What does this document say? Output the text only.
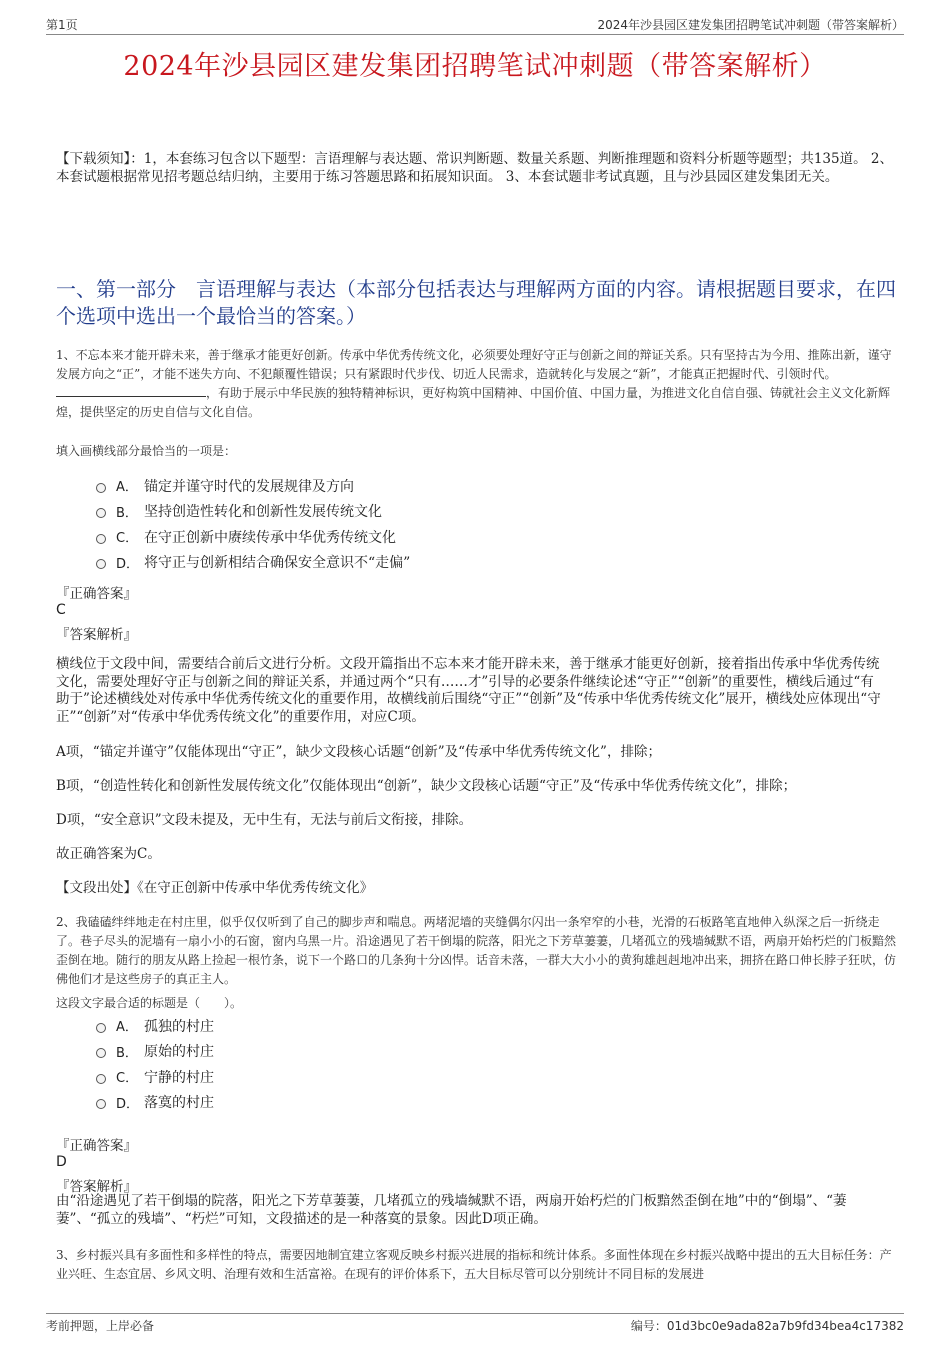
第1页	2024年沙县园区建发集团招聘笔试冲刺题（带答案解析）
2024年沙县园区建发集团招聘笔试冲刺题（带答案解析）
【下载须知】：1，本套练习包含以下题型：言语理解与表达题、常识判断题、数量关系题、判断推理题和资料分析题等题型；共135道。 2、本套试题根据常见招考题总结归纳，主要用于练习答题思路和拓展知识面。 3、本套试题非考试真题，且与沙县园区建发集团无关。
一、第一部分　言语理解与表达（本部分包括表达与理解两方面的内容。请根据题目要求，在四个选项中选出一个最恰当的答案。）
1、不忘本来才能开辟未来，善于继承才能更好创新。传承中华优秀传统文化，必须要处理好守正与创新之间的辩证关系。只有坚持古为今用、推陈出新，谨守发展方向之“正”，才能不迷失方向、不犯颠覆性错误；只有紧跟时代步伐、切近人民需求，造就转化与发展之“新”，才能真正把握时代、引领时代。，有助于展示中华民族的独特精神标识，更好构筑中国精神、中国价值、中国力量，为推进文化自信自强、铸就社会主义文化新辉煌，提供坚定的历史自信与文化自信。
填入画横线部分最恰当的一项是：
A． 锚定并谨守时代的发展规律及方向
B． 坚持创造性转化和创新性发展传统文化
C． 在守正创新中赓续传承中华优秀传统文化
D． 将守正与创新相结合确保安全意识不“走偏”
『正确答案』
C
『答案解析』
横线位于文段中间，需要结合前后文进行分析。文段开篇指出不忘本来才能开辟未来，善于继承才能更好创新，接着指出传承中华优秀传统文化，需要处理好守正与创新之间的辩证关系，并通过两个“只有……才”引导的必要条件继续论述“守正”“创新”的重要性，横线后通过“有助于”论述横线处对传承中华优秀传统文化的重要作用，故横线前后围绕“守正”“创新”及“传承中华优秀传统文化”展开，横线处应体现出“守正”“创新”对“传承中华优秀传统文化”的重要作用，对应C项。
A项，“锚定并谨守”仅能体现出“守正”，缺少文段核心话题“创新”及“传承中华优秀传统文化”，排除；
B项，“创造性转化和创新性发展传统文化”仅能体现出“创新”，缺少文段核心话题“守正”及“传承中华优秀传统文化”，排除；
D项，“安全意识”文段未提及，无中生有，无法与前后文衔接，排除。
故正确答案为C。
【文段出处】《在守正创新中传承中华优秀传统文化》
2、我磕磕绊绊地走在村庄里，似乎仅仅听到了自己的脚步声和喘息。两堵泥墙的夹缝偶尔闪出一条窄窄的小巷，光滑的石板路笔直地伸入纵深之后一折绕走了。巷子尽头的泥墙有一扇小小的石窗，窗内乌黑一片。沿途遇见了若干倒塌的院落，阳光之下芳草萋萋，几堵孤立的残墙缄默不语，两扇开始朽烂的门板黯然歪倒在地。随行的朋友从路上捡起一根竹条，说下一个路口的几条狗十分凶悍。话音未落，一群大大小小的黄狗雄赳赳地冲出来，拥挤在路口伸长脖子狂吠，仿佛他们才是这些房子的真正主人。
这段文字最合适的标题是（　　）。
A． 孤独的村庄
B． 原始的村庄
C． 宁静的村庄
D． 落寞的村庄
『正确答案』
D
『答案解析』
由“沿途遇见了若干倒塌的院落，阳光之下芳草萋萋，几堵孤立的残墙缄默不语，两扇开始朽烂的门板黯然歪倒在地”中的“倒塌”、“萋萋”、“孤立的残墙”、“朽烂”可知，文段描述的是一种落寞的景象。因此D项正确。
3、乡村振兴具有多面性和多样性的特点，需要因地制宜建立客观反映乡村振兴进展的指标和统计体系。多面性体现在乡村振兴战略中提出的五大目标任务：产业兴旺、生态宜居、乡风文明、治理有效和生活富裕。在现有的评价体系下，五大目标尽管可以分别统计不同目标的发展进
考前押题，上岸必备	编号：01d3bc0e9ada82a7b9fd34bea4c17382
